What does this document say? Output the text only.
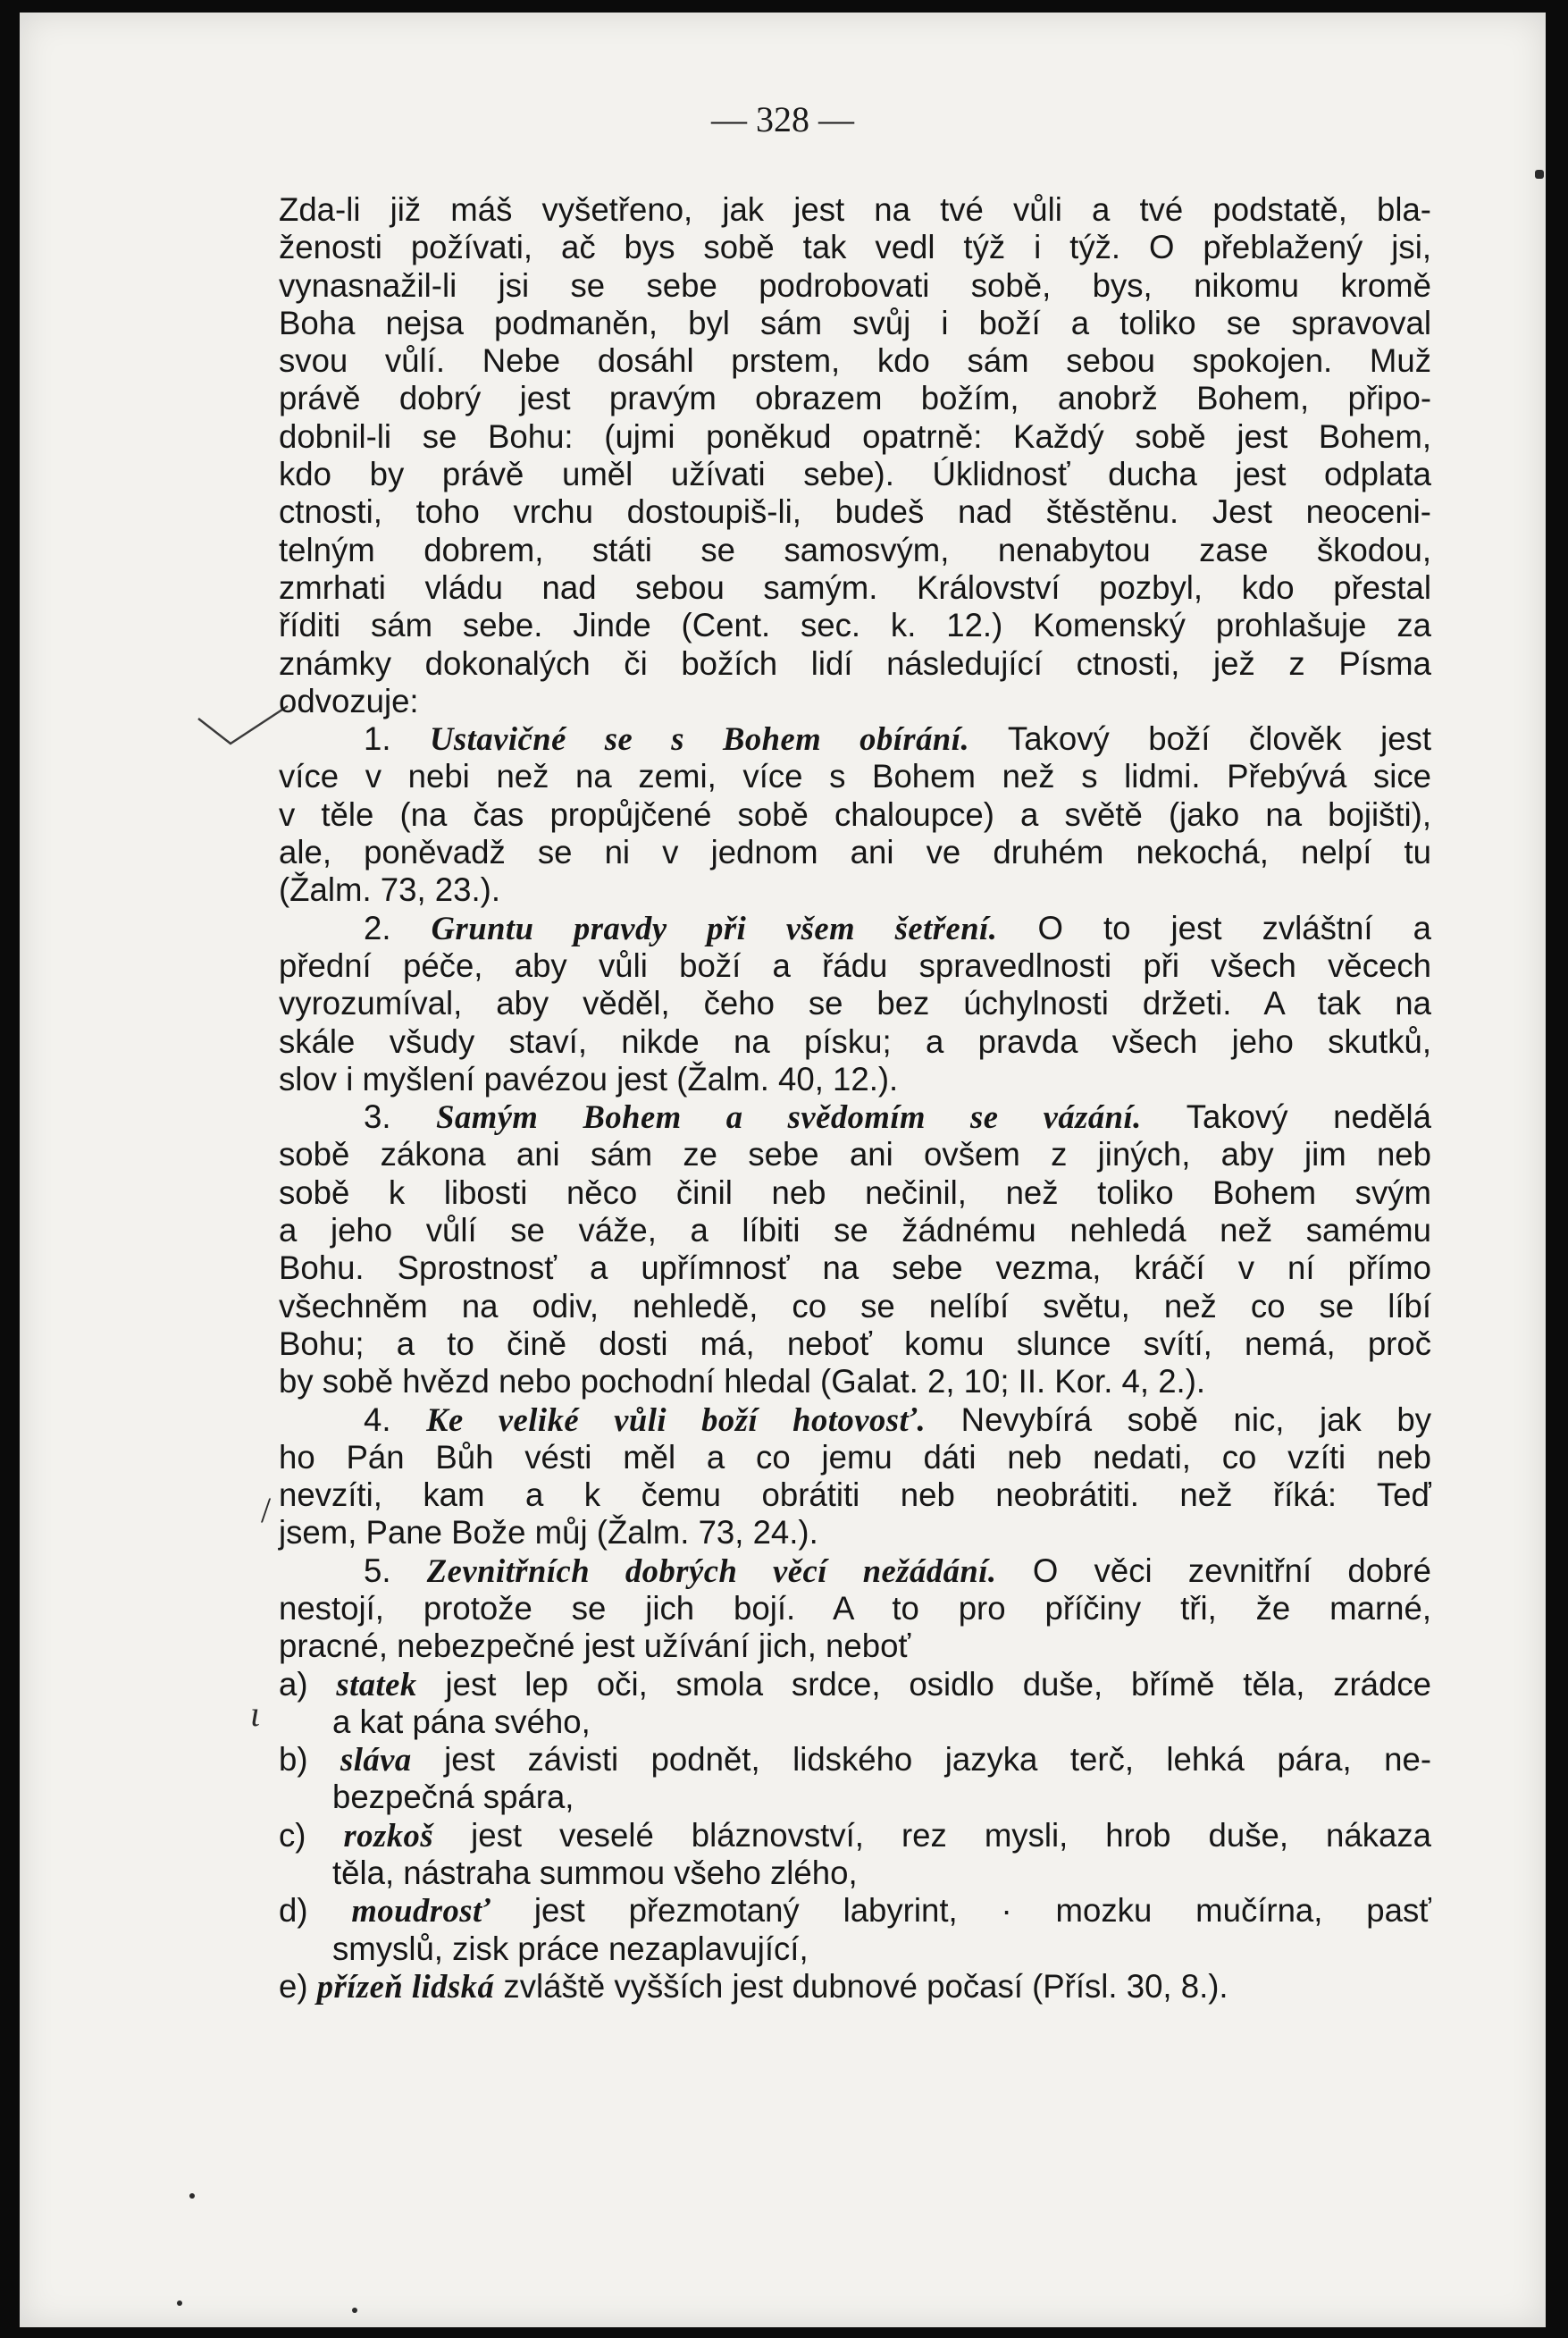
— 328 —
/
ɩ
Zda-li již máš vyšetřeno, jak jest na tvé vůli a tvé podstatě, bla-
ženosti požívati, ač bys sobě tak vedl týž i týž. O přeblažený jsi,
vynasnažil-li jsi se sebe podrobovati sobě, bys, nikomu kromě
Boha nejsa podmaněn, byl sám svůj i boží a toliko se spravoval
svou vůlí. Nebe dosáhl prstem, kdo sám sebou spokojen. Muž
právě dobrý jest pravým obrazem božím, anobrž Bohem, připo-
dobnil-li se Bohu: (ujmi poněkud opatrně: Každý sobě jest Bohem,
kdo by právě uměl užívati sebe). Úklidnosť ducha jest odplata
ctnosti, toho vrchu dostoupiš-li, budeš nad štěstěnu. Jest neoceni-
telným dobrem, státi se samosvým, nenabytou zase škodou,
zmrhati vládu nad sebou samým. Království pozbyl, kdo přestal
říditi sám sebe. Jinde (Cent. sec. k. 12.) Komenský prohlašuje za
známky dokonalých či božích lidí následující ctnosti, jež z Písma
odvozuje:
1. Ustavičné se s Bohem obírání. Takový boží člověk jest
více v nebi než na zemi, více s Bohem než s lidmi. Přebývá sice
v těle (na čas propůjčené sobě chaloupce) a světě (jako na bojišti),
ale, poněvadž se ni v jednom ani ve druhém nekochá, nelpí tu
(Žalm. 73, 23.).
2. Gruntu pravdy při všem šetření. O to jest zvláštní a
přední péče, aby vůli boží a řádu spravedlnosti při všech věcech
vyrozumíval, aby věděl, čeho se bez úchylnosti držeti. A tak na
skále všudy staví, nikde na písku; a pravda všech jeho skutků,
slov i myšlení pavézou jest (Žalm. 40, 12.).
3. Samým Bohem a svědomím se vázání. Takový nedělá
sobě zákona ani sám ze sebe ani ovšem z jiných, aby jim neb
sobě k libosti něco činil neb nečinil, než toliko Bohem svým
a jeho vůlí se váže, a líbiti se žádnému nehledá než samému
Bohu. Sprostnosť a upřímnosť na sebe vezma, kráčí v ní přímo
všechněm na odiv, nehledě, co se nelíbí světu, než co se líbí
Bohu; a to čině dosti má, neboť komu slunce svítí, nemá, proč
by sobě hvězd nebo pochodní hledal (Galat. 2, 10; II. Kor. 4, 2.).
4. Ke veliké vůli boží hotovosť. Nevybírá sobě nic, jak by
ho Pán Bůh vésti měl a co jemu dáti neb nedati, co vzíti neb
nevzíti, kam a k čemu obrátiti neb neobrátiti. než říká: Teď
jsem, Pane Bože můj (Žalm. 73, 24.).
5. Zevnitřních dobrých věcí nežádání. O věci zevnitřní dobré
nestojí, protože se jich bojí. A to pro příčiny tři, že marné,
pracné, nebezpečné jest užívání jich, neboť
a) statek jest lep oči, smola srdce, osidlo duše, břímě těla, zrádce
a kat pána svého,
b) sláva jest závisti podnět, lidského jazyka terč, lehká pára, ne-
bezpečná spára,
c) rozkoš jest veselé bláznovství, rez mysli, hrob duše, nákaza
těla, nástraha summou všeho zlého,
d) moudrosť jest přezmotaný labyrint, · mozku mučírna, pasť
smyslů, zisk práce nezaplavující,
e) přízeň lidská zvláště vyšších jest dubnové počasí (Přísl. 30, 8.).
